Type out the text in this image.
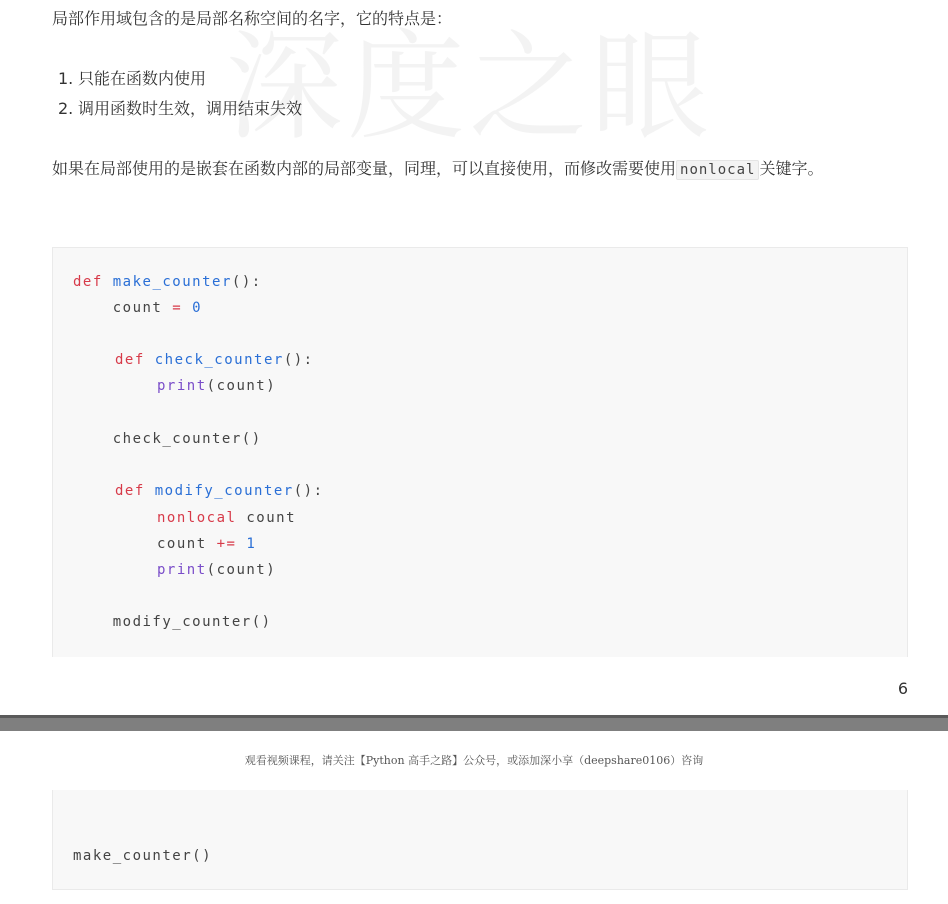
局部作用域包含的是局部名称空间的名字，它的特点是：

1. 只能在函数内使用
2. 调用函数时生效，调用结束失效

如果在局部使用的是嵌套在函数内部的局部变量，同理，可以直接使用，而修改需要使用 nonlocal 关键字。

def make_counter():
count = 0
def check_counter():
print(count)
check_counter()
def modify_counter():
nonlocal count
count += 1
print(count)
modify_counter()
6
观看视频课程，请关注【Python 高手之路】公众号，或添加深小享（deepshare0106）咨询
make_counter()
